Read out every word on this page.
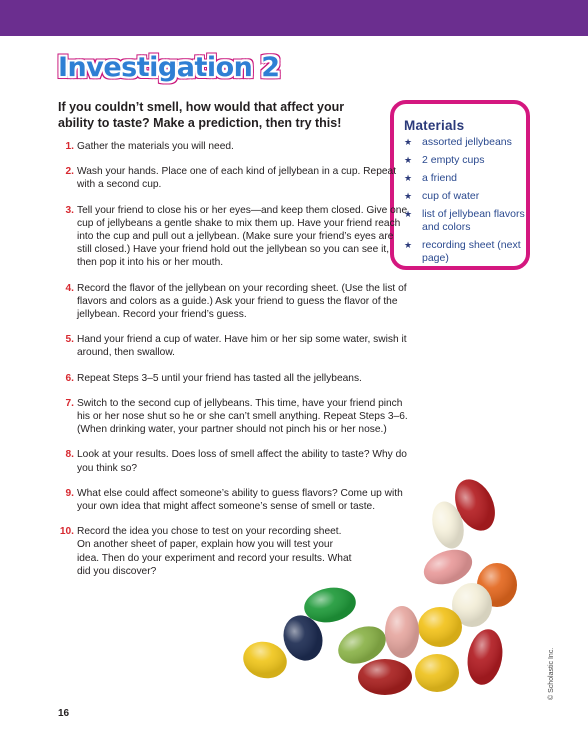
Investigation 2

If you couldn’t smell, how would that affect your ability to taste? Make a prediction, then try this!	Materials
★ assorted jellybeans
★ 2 empty cups
★ a friend
★ cup of water
★ list of jellybean flavors and colors
★ recording sheet (next page)
1. Gather the materials you will need.
2. Wash your hands. Place one of each kind of jellybean in a cup. Repeat with a second cup.
3. Tell your friend to close his or her eyes—and keep them closed. Give one cup of jellybeans a gentle shake to mix them up. Have your friend reach into the cup and pull out a jellybean. (Make sure your friend’s eyes are still closed.) Have your friend hold out the jellybean so you can see it, then pop it into his or her mouth.
4. Record the flavor of the jellybean on your recording sheet. (Use the list of flavors and colors as a guide.) Ask your friend to guess the flavor of the jellybean. Record your friend’s guess.
5. Hand your friend a cup of water. Have him or her sip some water, swish it around, then swallow.
6. Repeat Steps 3–5 until your friend has tasted all the jellybeans.
7. Switch to the second cup of jellybeans. This time, have your friend pinch his or her nose shut so he or she can’t smell anything. Repeat Steps 3–6. (When drinking water, your partner should not pinch his or her nose.)
8. Look at your results. Does loss of smell affect the ability to taste? Why do you think so?
9. What else could affect someone’s ability to guess flavors? Come up with your own idea that might affect someone’s sense of smell or taste.
10. Record the idea you chose to test on your recording sheet. On another sheet of paper, explain how you will test your idea. Then do your experiment and record your results. What did you discover?
16
© Scholastic Inc.
